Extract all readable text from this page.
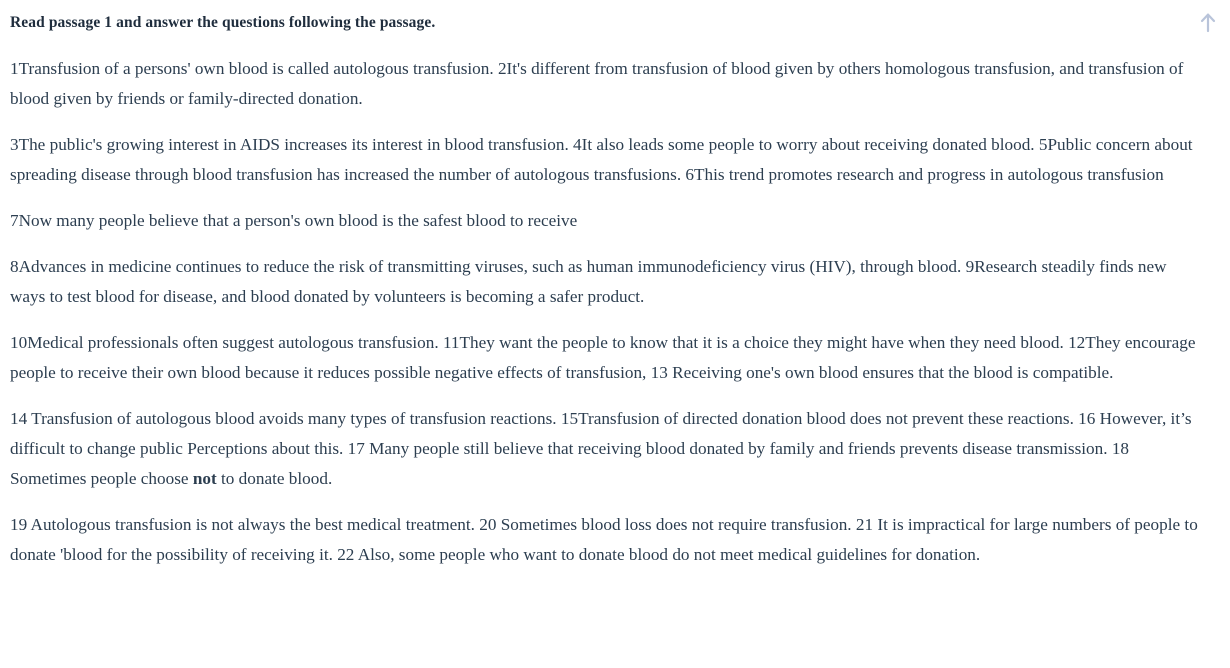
Read passage 1 and answer the questions following the passage.

1Transfusion of a persons' own blood is called autologous transfusion. 2It's different from transfusion of blood given by others homologous transfusion, and transfusion of blood given by friends or family-directed donation.

3The public's growing interest in AIDS increases its interest in blood transfusion. 4It also leads some people to worry about receiving donated blood. 5Public concern about spreading disease through blood transfusion has increased the number of autologous transfusions. 6This trend promotes research and progress in autologous transfusion

7Now many people believe that a person's own blood is the safest blood to receive

8Advances in medicine continues to reduce the risk of transmitting viruses, such as human immunodeficiency virus (HIV), through blood. 9Research steadily finds new ways to test blood for disease, and blood donated by volunteers is becoming a safer product.

10Medical professionals often suggest autologous transfusion. 11They want the people to know that it is a choice they might have when they need blood. 12They encourage people to receive their own blood because it reduces possible negative effects of transfusion, 13 Receiving one's own blood ensures that the blood is compatible.

14 Transfusion of autologous blood avoids many types of transfusion reactions. 15Transfusion of directed donation blood does not prevent these reactions. 16 However, it’s difficult to change public Perceptions about this. 17 Many people still believe that receiving blood donated by family and friends prevents disease transmission. 18 Sometimes people choose not to donate blood.

19 Autologous transfusion is not always the best medical treatment. 20 Sometimes blood loss does not require transfusion. 21 It is impractical for large numbers of people to donate 'blood for the possibility of receiving it. 22 Also, some people who want to donate blood do not meet medical guidelines for donation.
